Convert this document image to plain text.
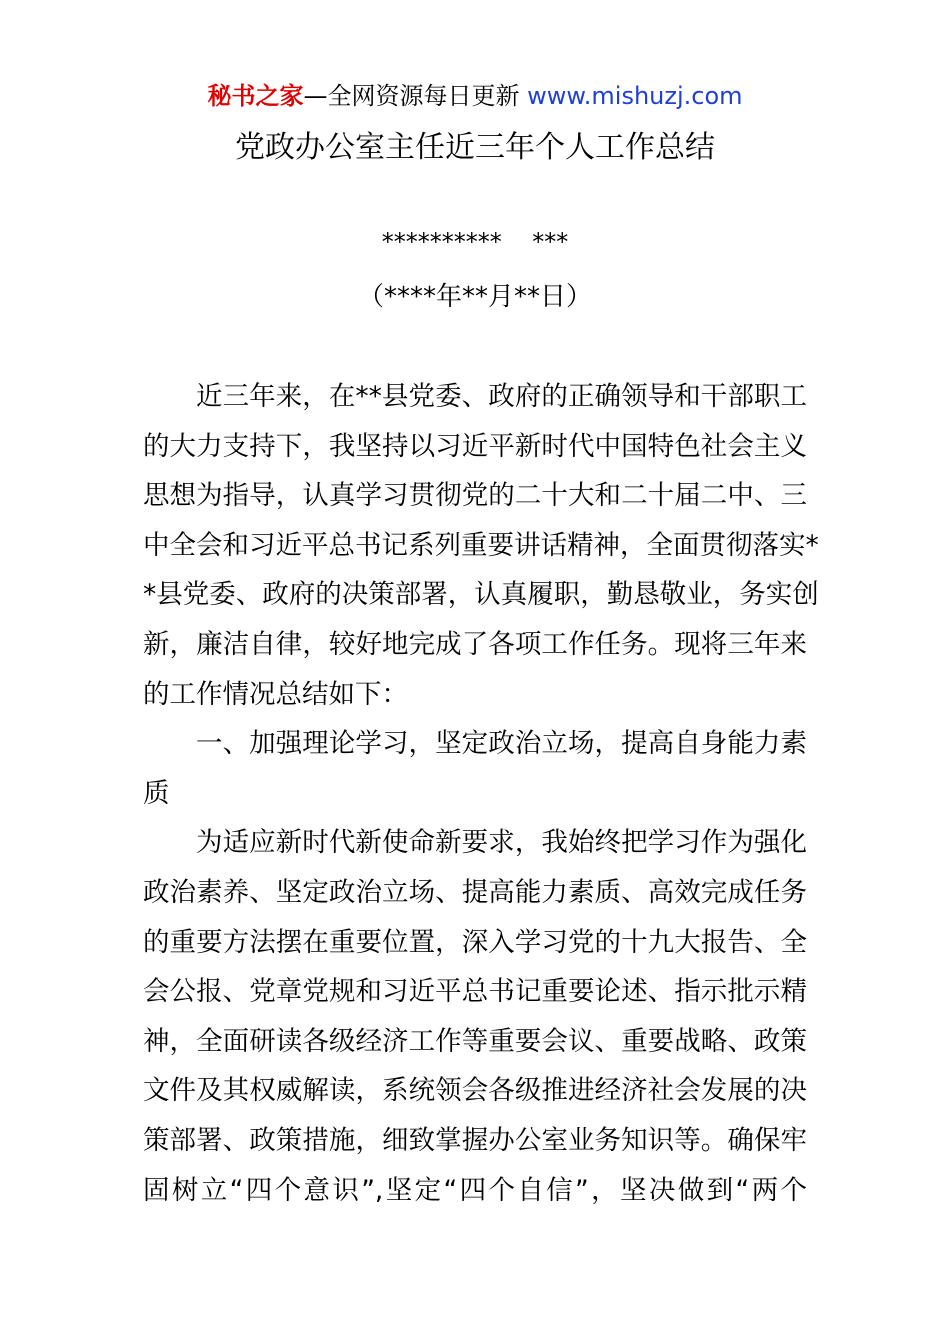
秘书之家—全网资源每日更新 www.mishuzj.com
党政办公室主任近三年个人工作总结
**********    ***
（****年**月**日）
近三年来，在**县党委、政府的正确领导和干部职工
的大力支持下，我坚持以习近平新时代中国特色社会主义
思想为指导，认真学习贯彻党的二十大和二十届二中、三
中全会和习近平总书记系列重要讲话精神，全面贯彻落实*
*县党委、政府的决策部署，认真履职，勤恳敬业，务实创
新，廉洁自律，较好地完成了各项工作任务。现将三年来
的工作情况总结如下：
一、加强理论学习，坚定政治立场，提高自身能力素
质
为适应新时代新使命新要求，我始终把学习作为强化
政治素养、坚定政治立场、提高能力素质、高效完成任务
的重要方法摆在重要位置，深入学习党的十九大报告、全
会公报、党章党规和习近平总书记重要论述、指示批示精
神，全面研读各级经济工作等重要会议、重要战略、政策
文件及其权威解读，系统领会各级推进经济社会发展的决
策部署、政策措施，细致掌握办公室业务知识等。确保牢
固树立“四个意识”,坚定“四个自信”，坚决做到“两个
